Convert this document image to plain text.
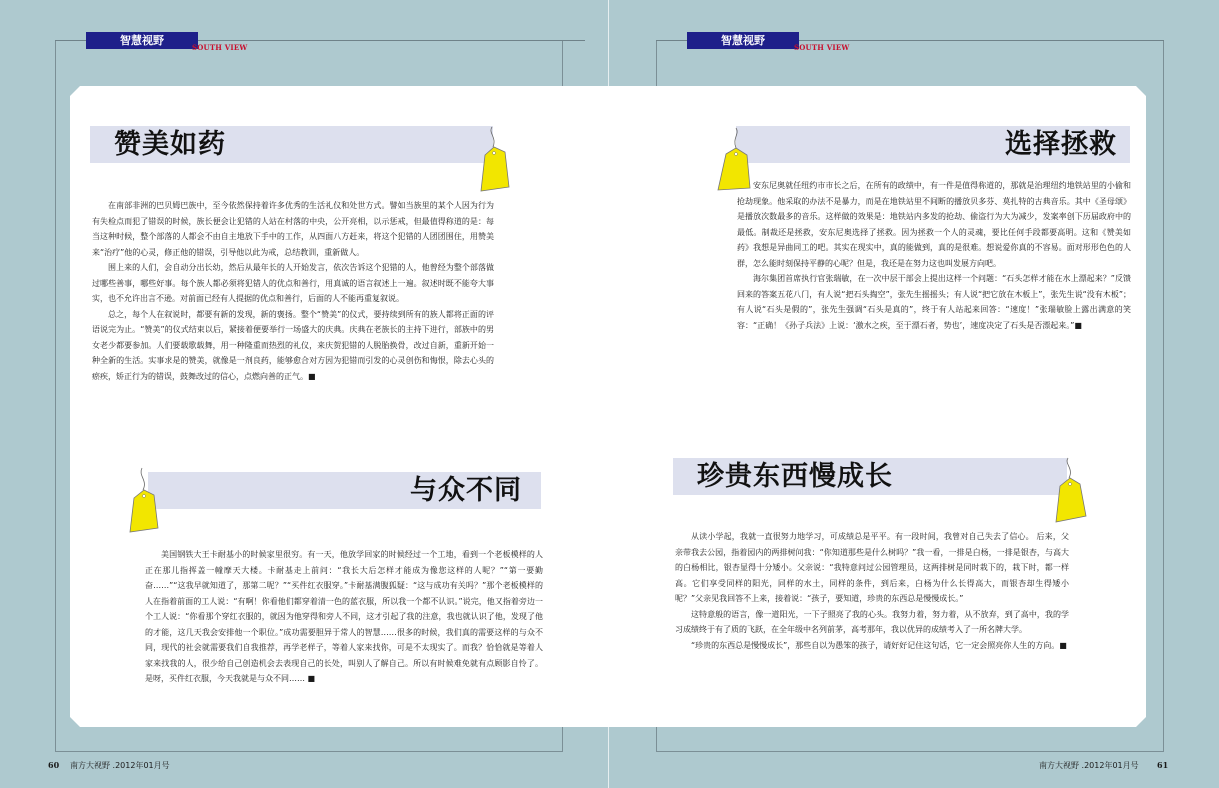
智慧视野
SOUTH VIEW
智慧视野
SOUTH VIEW
赞美如药

在南部非洲的巴贝姆巴族中，至今依然保持着许多优秀的生活礼仪和处世方式。譬如当族里的某个人因为行为有失检点而犯了错误的时候，族长便会让犯错的人站在村落的中央，公开亮相，以示惩戒，但最值得称道的是：每当这种时候，整个部落的人都会不由自主地放下手中的工作，从四面八方赶来，将这个犯错的人团团围住，用赞美来“治疗”他的心灵，修正他的错误，引导他以此为戒，总结教训，重新做人。

围上来的人们，会自动分出长幼，然后从最年长的人开始发言，依次告诉这个犯错的人，他曾经为整个部落做过哪些善事，哪些好事。每个族人都必须将犯错人的优点和善行，用真诚的语言叙述上一遍。叙述时既不能夸大事实，也不允许出言不逊。对前面已经有人提据的优点和善行，后面的人不能再重复叙说。

总之，每个人在叙说时，都要有新的发现，新的褒扬。整个“赞美”的仪式，要持续到所有的族人都将正面的评语说完为止。“赞美”的仪式结束以后，紧接着便要举行一场盛大的庆典。庆典在老族长的主持下进行，部族中的男女老少都要参加。人们要载歌载舞，用一种隆重而热烈的礼仪，来庆贺犯错的人脱胎换骨，改过自新，重新开始一种全新的生活。实事求是的赞美，就像是一剂良药，能够愈合对方因为犯错而引发的心灵创伤和悔恨，除去心头的瘀疾，矫正行为的错误，鼓舞改过的信心，点燃向善的正气。■

与众不同

美国钢铁大王卡耐基小的时候家里很穷。有一天，他放学回家的时候经过一个工地，看到一个老板模样的人正在那儿指挥盖一幢摩天大楼。卡耐基走上前问：“我长大后怎样才能成为像您这样的人呢？”“第一要勤奋……”“这我早就知道了，那第二呢？”“买件红衣服穿。”卡耐基满腹狐疑：“这与成功有关吗？”那个老板模样的人在指着前面的工人说：“有啊！你看他们都穿着清一色的蓝衣服，所以我一个都不认识。”说完，他又指着旁边一个工人说：“你看那个穿红衣服的，就因为他穿得和旁人不同，这才引起了我的注意，我也就认识了他，发现了他的才能，这几天我会安排他一个职位。”成功需要胆异于常人的智慧……很多的时候，我们真的需要这样的与众不同，现代的社会就需要我们自我推荐，再学老样子，等着人家来找你，可是不太现实了。而我？恰恰就是等着人家来找我的人，很少给自己创造机会去表现自己的长处，叫别人了解自己。所以有时候难免就有点顾影自怜了。是呀，买件红衣服，今天我就是与众不同…… ■

选择拯救

安东尼奥就任纽约市市长之后，在所有的政绩中，有一件是值得称道的，那就是治理纽约地铁站里的小偷和抢劫现象。他采取的办法不是暴力，而是在地铁站里不间断的播放贝多芬、莫扎特的古典音乐。其中《圣母颂》是播放次数最多的音乐。这样做的效果是：地铁站内多发的抢劫、偷盗行为大为减少，发案率创下历届政府中的最低。制裁还是拯救，安东尼奥选择了拯救。因为拯救一个人的灵魂，要比任何手段都要高明。这和《赞美如药》我想是异曲同工的吧。其实在现实中，真的能做到，真的是很难。想说爱你真的不容易。面对形形色色的人群，怎么能时刻保持平静的心呢？但是，我还是在努力这也叫发展方向吧。

海尔集团首席执行官张瑞敏，在一次中层干部会上提出这样一个问题：“石头怎样才能在水上漂起来？”反馈回来的答案五花八门，有人说“把石头掏空”，张先生摇摇头；有人说“把它放在木板上”，张先生说“没有木板”；有人说“石头是假的”，张先生强调“石头是真的”，终于有人站起来回答：“速度！”张瑞敏脸上露出满意的笑容：“正确！《孙子兵法》上说：‘激水之疾，至于漂石者，势也’，速度决定了石头是否漂起来。”■

珍贵东西慢成长

从读小学起，我就一直很努力地学习，可成绩总是平平。有一段时间，我曾对自己失去了信心。 后来，父亲带我去公园，指着园内的两排树问我：“你知道那些是什么树吗？”我一看，一排是白杨，一排是银杏，与高大的白杨相比，银杏显得十分矮小。父亲说：“我特意问过公园管理员，这两排树是同时栽下的，栽下时，都一样高。它们享受同样的阳光，同样的水土，同样的条件，到后来，白杨为什么长得高大，而银杏却生得矮小呢？”父亲见我回答不上来，接着说：“孩子，要知道，珍贵的东西总是慢慢成长。”

这特意般的语言，像一道阳光，一下子照亮了我的心头。我努力着，努力着，从不放弃，到了高中，我的学习成绩终于有了质的飞跃，在全年级中名列前茅，高考那年，我以优异的成绩考入了一所名牌大学。

“珍贵的东西总是慢慢成长”，那些自以为愚笨的孩子，请好好记住这句话，它一定会照亮你人生的方向。■

60 南方大视野 .2012年01月号	南方大视野 .2012年01月号 61
